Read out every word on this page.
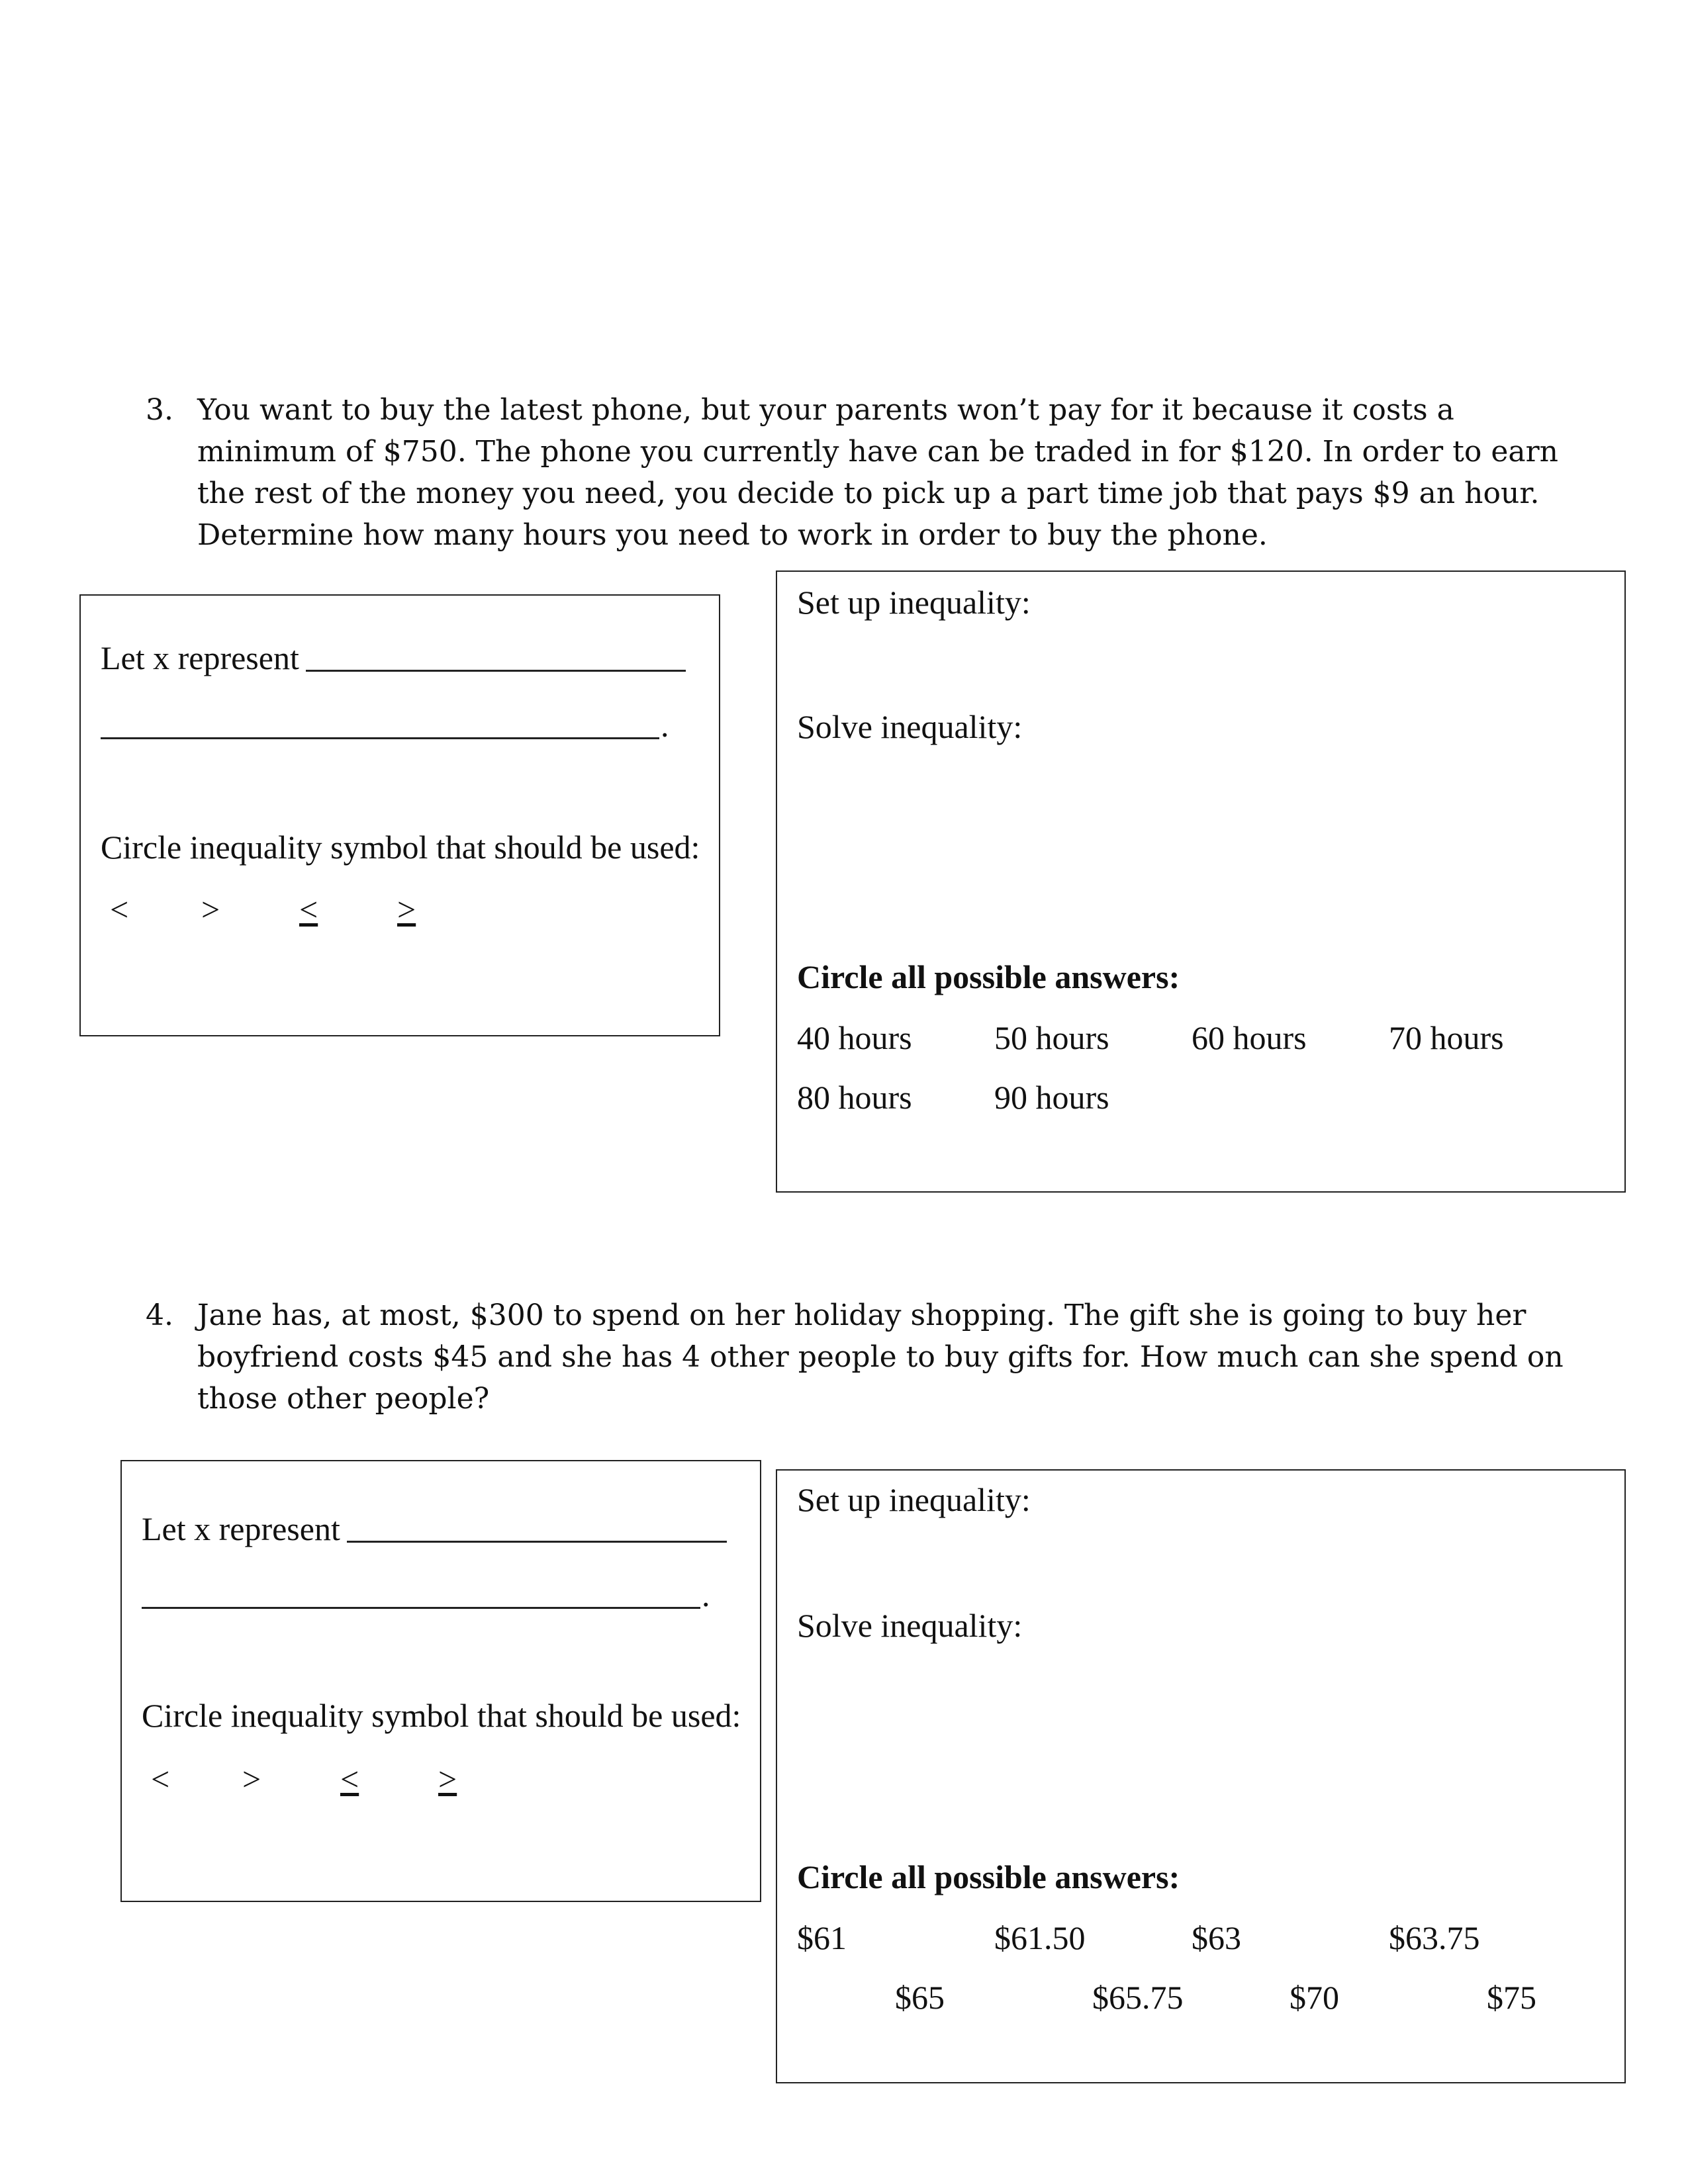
3. You want to buy the latest phone, but your parents won’t pay for it because it costs a minimum of $750. The phone you currently have can be traded in for $120. In order to earn the rest of the money you need, you decide to pick up a part time job that pays $9 an hour. Determine how many hours you need to work in order to buy the phone.
Let x represent
.
Circle inequality symbol that should be used:
< > < >
Set up inequality:
Solve inequality:
Circle all possible answers:
40 hours 50 hours 60 hours 70 hours
80 hours 90 hours
4. Jane has, at most, $300 to spend on her holiday shopping. The gift she is going to buy her boyfriend costs $45 and she has 4 other people to buy gifts for. How much can she spend on those other people?
Let x represent
.
Circle inequality symbol that should be used:
< > < >
Set up inequality:
Solve inequality:
Circle all possible answers:
$61	$61.50	$63	$63.75
$65	$65.75	$70	$75
